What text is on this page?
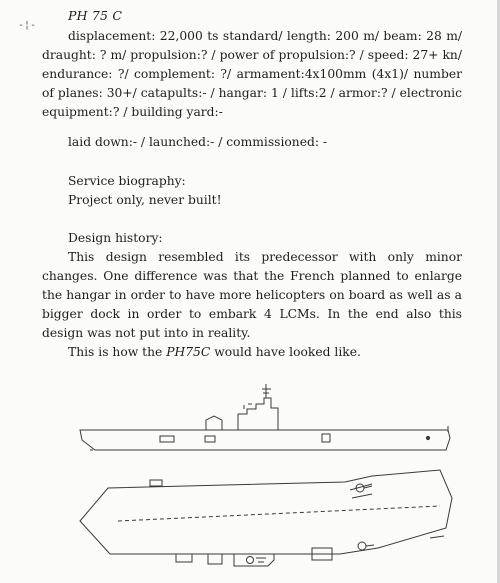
-¦-
PH 75 C

displacement: 22,000 ts standard/ length: 200 m/ beam: 28 m/ draught: ? m/ propulsion:? / power of propulsion:? / speed: 27+ kn/ endurance: ?/ complement: ?/ armament:4x100mm (4x1)/ number of planes: 30+/ catapults:- / hangar: 1 / lifts:2 / armor:? / electronic equipment:? / building yard:-

laid down:- / launched:- / commissioned: -
Service biography:
Project only, never built!
Design history:

This design resembled its predecessor with only minor changes. One difference was that the French planned to enlarge the hangar in order to have more helicopters on board as well as a bigger dock in order to embark 4 LCMs. In the end also this design was not put into in reality.

This is how the PH75C would have looked like.
